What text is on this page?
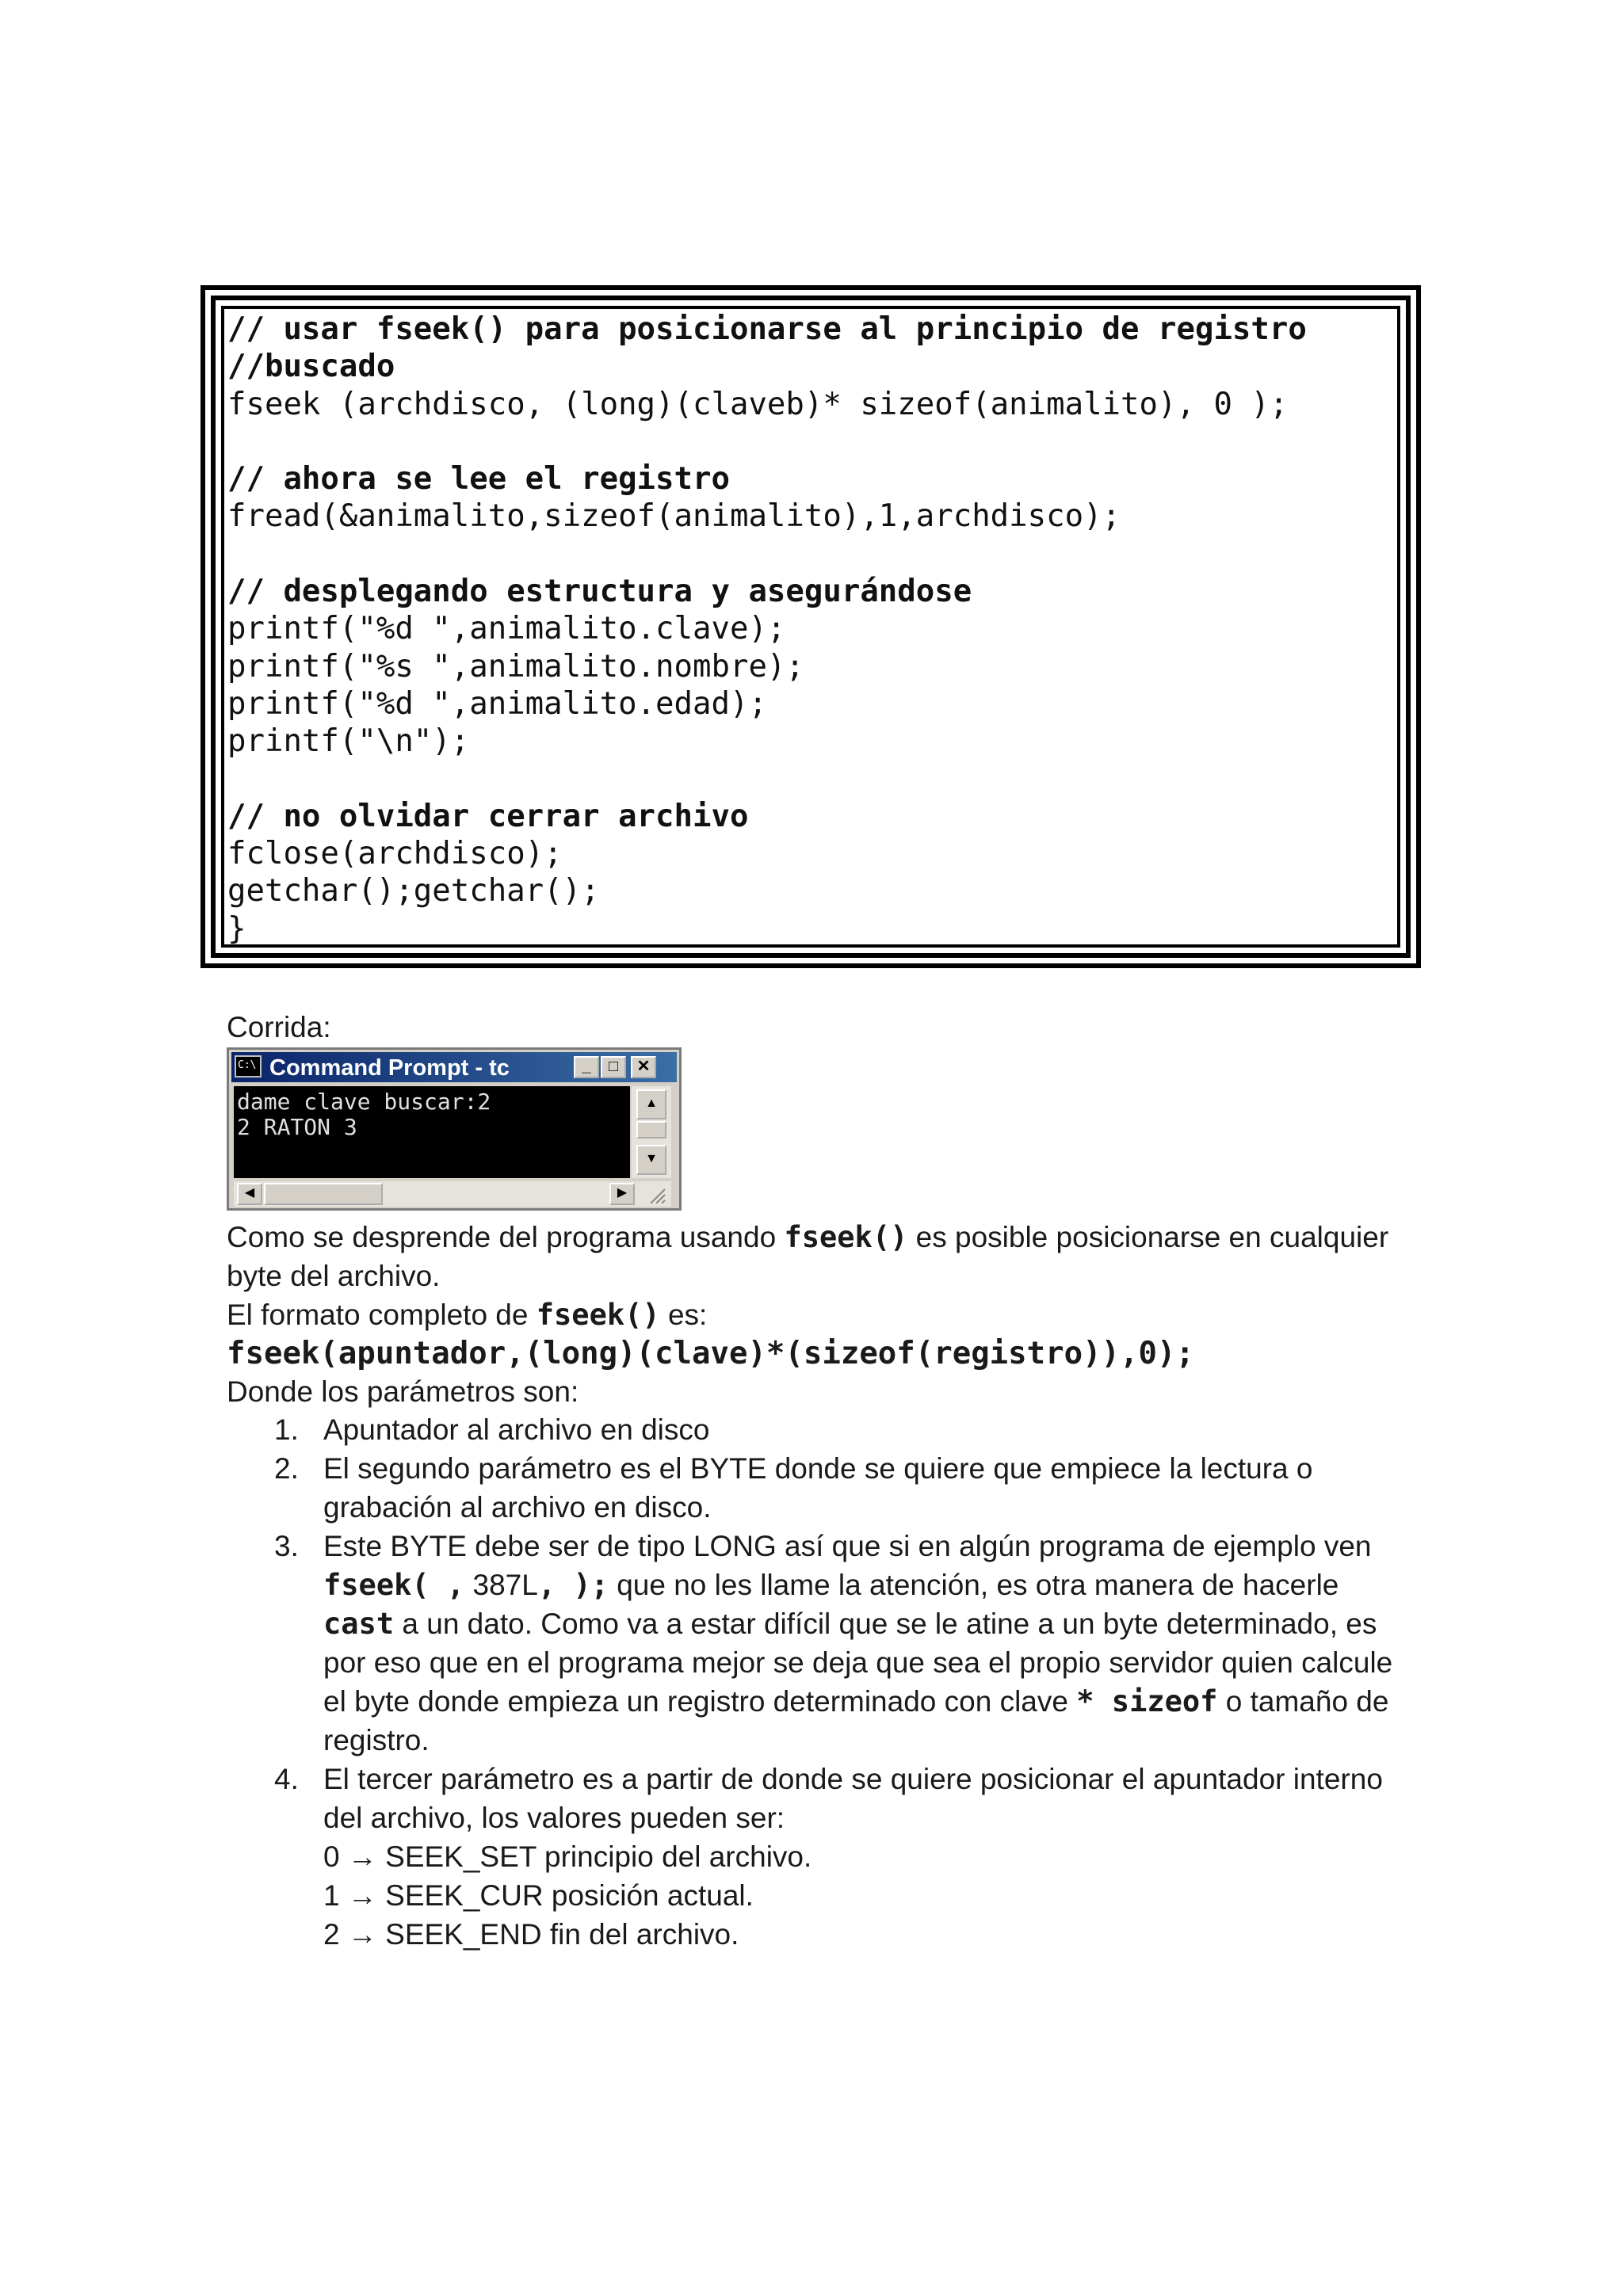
// usar fseek() para posicionarse al principio de registro
//buscado
fseek (archdisco, (long)(claveb)* sizeof(animalito), 0 );
// ahora se lee el registro
fread(&animalito,sizeof(animalito),1,archdisco);
// desplegando estructura y asegurándose
printf("%d ",animalito.clave);
printf("%s ",animalito.nombre);
printf("%d ",animalito.edad);
printf("\n");
// no olvidar cerrar archivo
fclose(archdisco);
getchar();getchar();
}
Corrida:
C:\ Command Prompt - tc	_	□	✕
dame clave buscar:2
2 RATON 3
▲
▼
◀	▶
Como se desprende del programa usando fseek() es posible posicionarse en cualquier
byte del archivo.
El formato completo de fseek() es:
fseek(apuntador,(long)(clave)*(sizeof(registro)),0);
Donde los parámetros son:
1. Apuntador al archivo en disco
2. El segundo parámetro es el BYTE donde se quiere que empiece la lectura o
grabación al archivo en disco.
3. Este BYTE debe ser de tipo LONG así que si en algún programa de ejemplo ven
fseek( , 387L, ); que no les llame la atención, es otra manera de hacerle
cast a un dato. Como va a estar difícil que se le atine a un byte determinado, es
por eso que en el programa mejor se deja que sea el propio servidor quien calcule
el byte donde empieza un registro determinado con clave * sizeof o tamaño de
registro.
4. El tercer parámetro es a partir de donde se quiere posicionar el apuntador interno
del archivo, los valores pueden ser:
0 → SEEK_SET principio del archivo.
1 → SEEK_CUR posición actual.
2 → SEEK_END fin del archivo.
